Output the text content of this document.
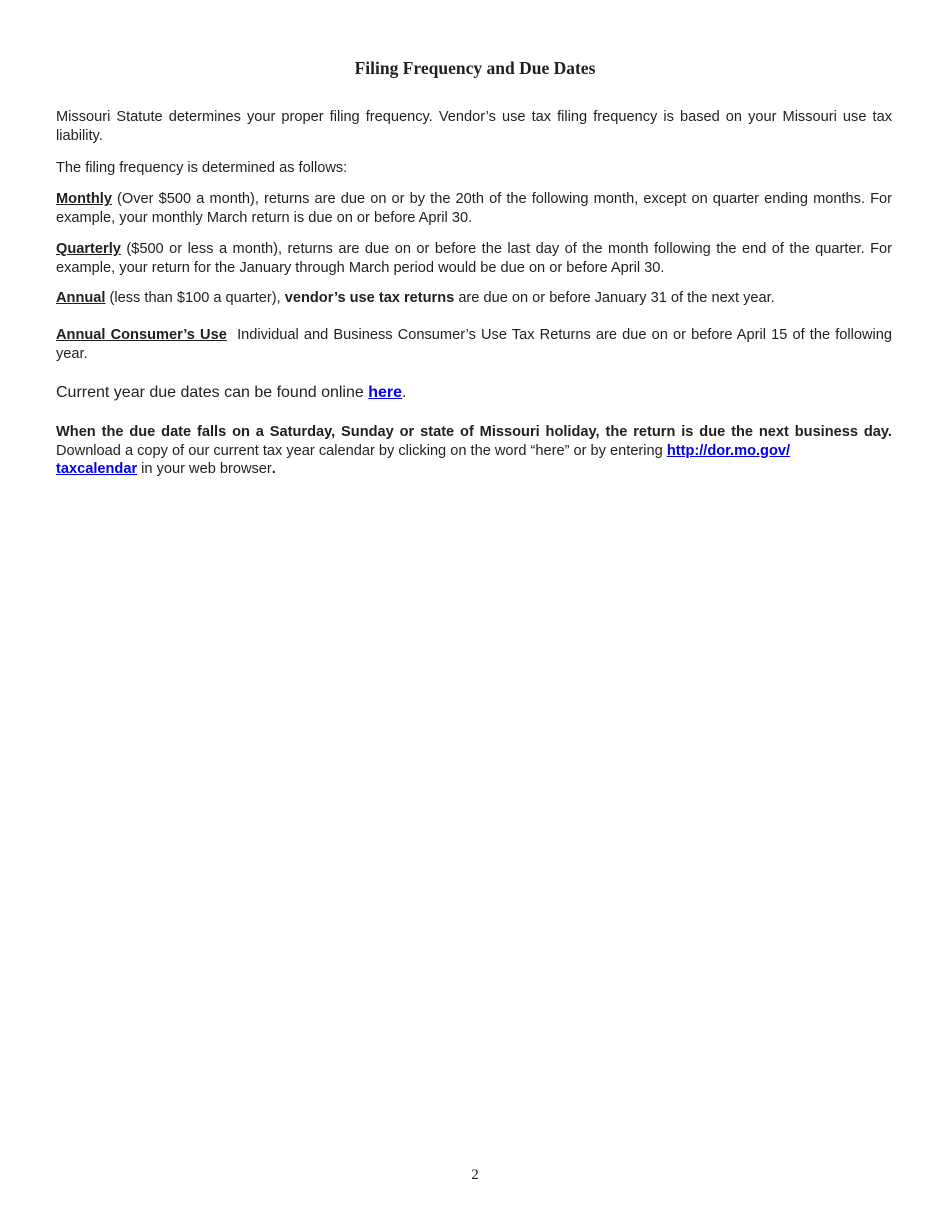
Filing Frequency and Due Dates

Missouri Statute determines your proper filing frequency. Vendor’s use tax filing frequency is based on your Missouri use tax liability.

The filing frequency is determined as follows:

Monthly (Over $500 a month), returns are due on or by the 20th of the following month, except on quarter ending months. For example, your monthly March return is due on or before April 30.

Quarterly ($500 or less a month), returns are due on or before the last day of the month following the end of the quarter. For example, your return for the January through March period would be due on or before April 30.

Annual (less than $100 a quarter), vendor’s use tax returns are due on or before January 31 of the next year.

Annual Consumer’s Use  Individual and Business Consumer’s Use Tax Returns are due on or before April 15 of the following year.

Current year due dates can be found online here.

When the due date falls on a Saturday, Sunday or state of Missouri holiday, the return is due the next business day. Download a copy of our current tax year calendar by clicking on the word “here” or by entering http://dor.mo.gov/
taxcalendar in your web browser.

2
